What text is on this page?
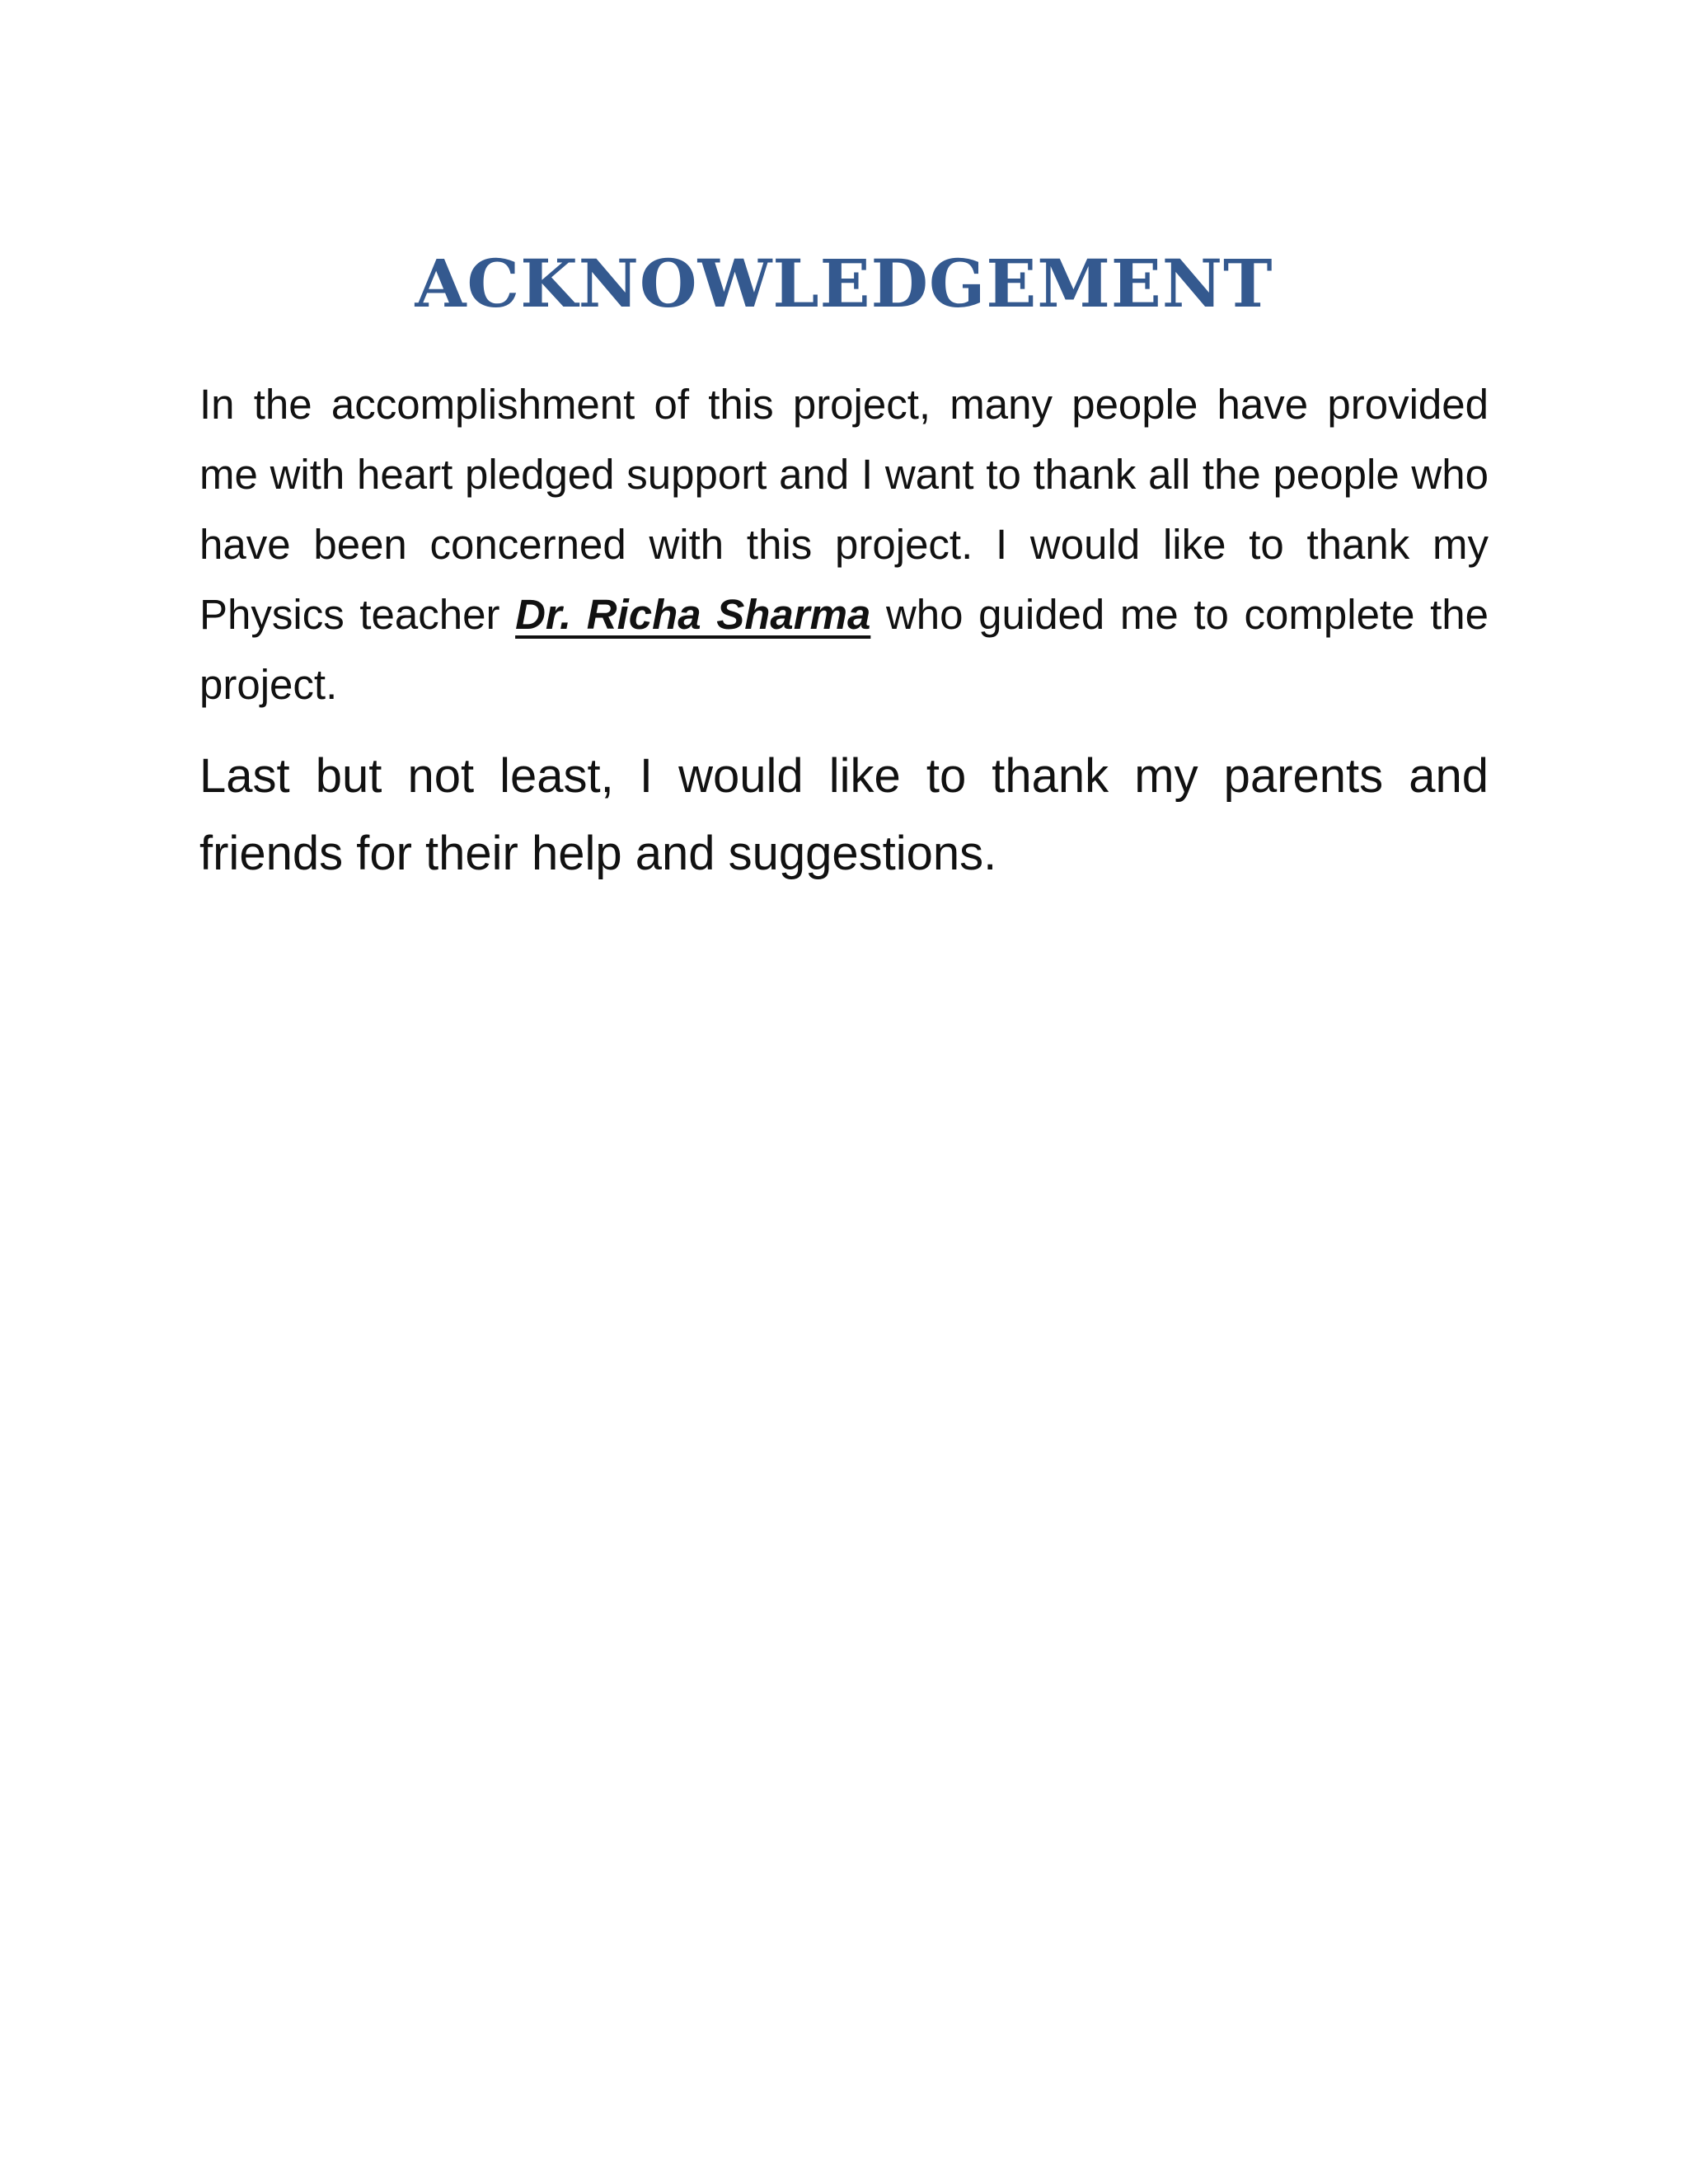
ACKNOWLEDGEMENT

In the accomplishment of this project, many people have provided me with heart pledged support and I want to thank all the people who have been concerned with this project. I would like to thank my Physics teacher Dr. Richa Sharma who guided me to complete the project.

Last but not least, I would like to thank my parents and friends for their help and suggestions.
